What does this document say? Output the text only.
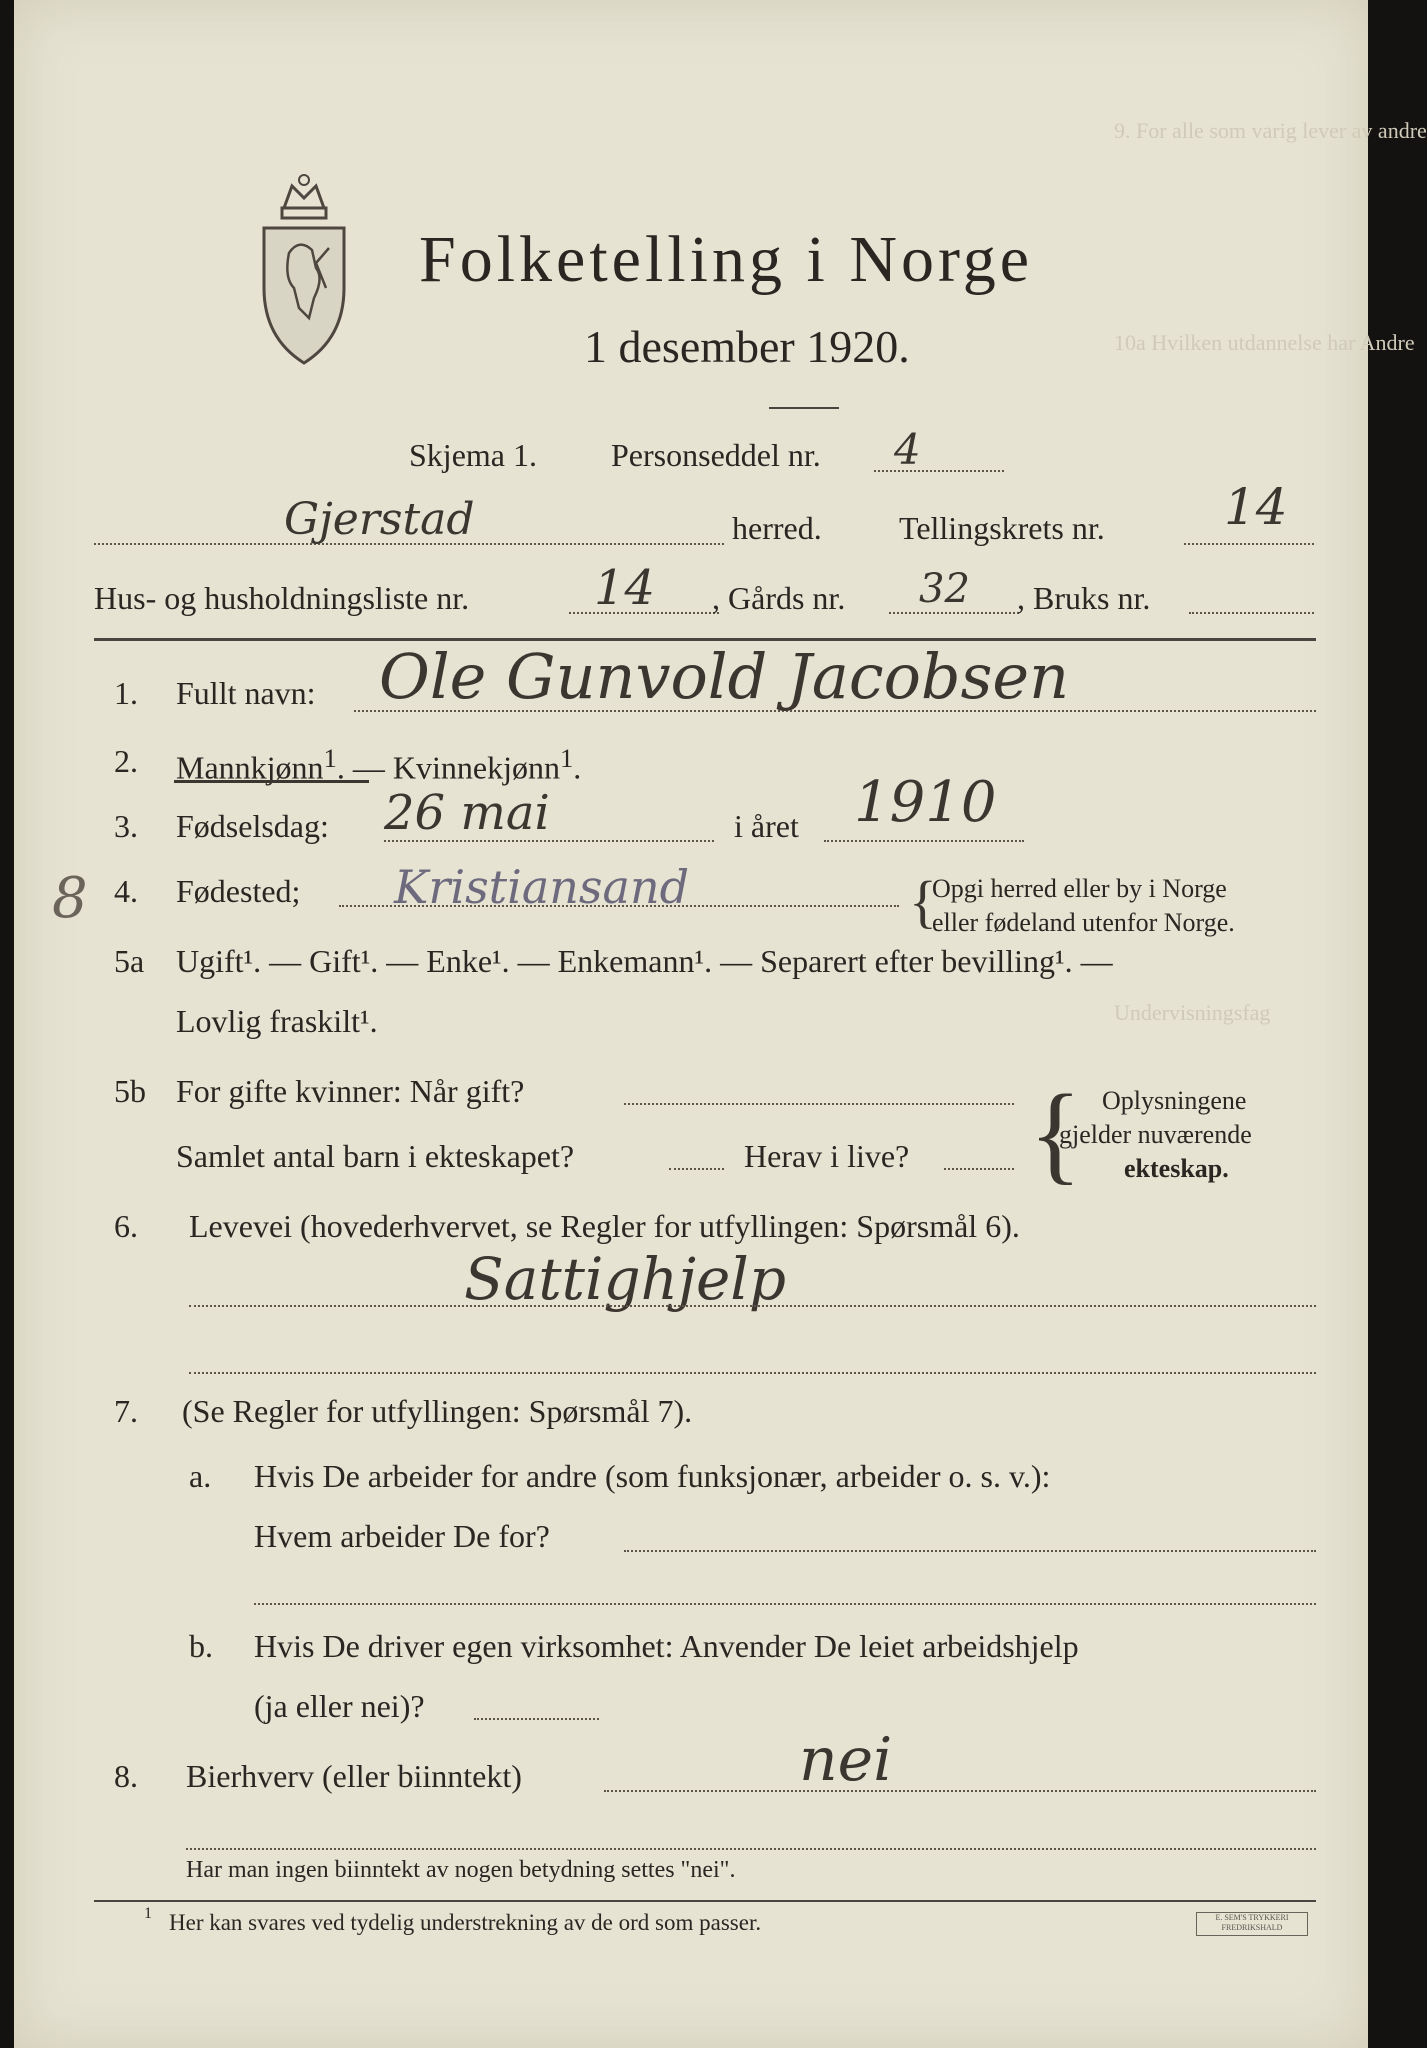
9. For alle som varig lever av andre
10a Hvilken utdannelse har Andre
Undervisningsfag
Folketelling i Norge
1 desember 1920.
Skjema 1. Personseddel nr. 4
Gjerstad	herred. Tellingskrets nr. 14
Hus- og husholdningsliste nr.	14 , Gårds nr. 32 , Bruks nr.
1. Fullt navn: Ole Gunvold Jacobsen
2. Mannkjønn$^1$. — Kvinnekjønn$^1$.
3. Fødselsdag: 26 mai	i året 1910
8 4. Fødested; Kristiansand	{
Opgi herred eller by i Norge
eller fødeland utenfor Norge.
5a Ugift¹. — Gift¹. — Enke¹. — Enkemann¹. — Separert efter bevilling¹. —
Lovlig fraskilt¹.
5b For gifte kvinner: Når gift?
Samlet antal barn i ekteskapet?	Herav i live? { Oplysningene
gjelder nuværende
ekteskap.
6. Levevei (hovederhvervet, se Regler for utfyllingen: Spørsmål 6).
Sattighjelp
7. (Se Regler for utfyllingen: Spørsmål 7).
a. Hvis De arbeider for andre (som funksjonær, arbeider o. s. v.):
Hvem arbeider De for?
b. Hvis De driver egen virksomhet: Anvender De leiet arbeidshjelp
(ja eller nei)?
8. Bierhverv (eller biinntekt)	nei
Har man ingen biinntekt av nogen betydning settes "nei".
1 Her kan svares ved tydelig understrekning av de ord som passer.	E. SEM'S TRYKKERI
FREDRIKSHALD
